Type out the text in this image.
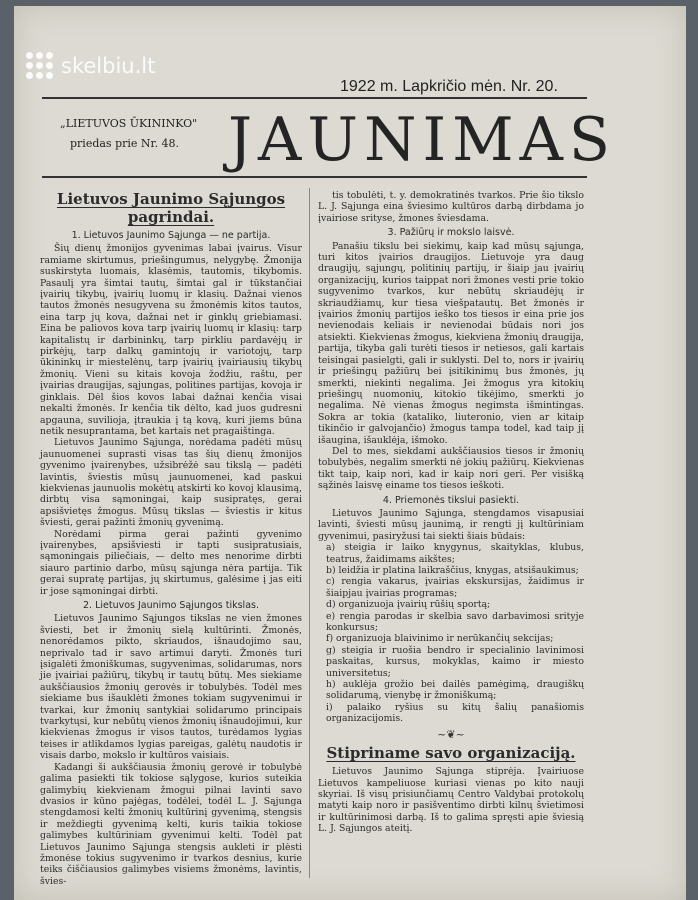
skelbiu.lt
1922 m. Lapkričio mėn. Nr. 20.
„LIETUVOS ŪKININKO"
priedas prie Nr. 48. JAUNIMAS

Lietuvos Jaunimo Sąjungos pagrindai.

1. Lietuvos Jaunimo Sąjunga — ne partija.

Šių dienų žmonijos gyvenimas labai įvairus. Visur ramiame skirtumus, priešingumus, nelygybę. Žmonija suskirstyta luomais, klasėmis, tautomis, tikybomis. Pasaulį yra šimtai tautų, šimtai gal ir tūkstančiai įvairių tikybų, įvairių luomų ir klasių. Dažnai vienos tautos žmonės nesugyvena su žmonėmis kitos tautos, eina tarp jų kova, dažnai net ir ginklų griebiamasi. Eina be paliovos kova tarp įvairių luomų ir klasių: tarp kapitalistų ir darbininkų, tarp pirkliu pardavėjų ir pirkėjų, tarp dalkų gamintojų ir variotojų, tarp ūkininkų ir miestelėnų, tarp įvairių įvairiausių tikybų žmonių. Vieni su kitais kovoja žodžiu, raštu, per įvairias draugijas, sąjungas, politines partijas, kovoja ir ginklais. Dėl šios kovos labai dažnai kenčia visai nekalti žmonės. Ir kenčia tik dėlto, kad juos gudresni apgauna, suvilioja, įtraukia į tą kovą, kuri jiems būna netik nesuprantama, bet kartais net pragaištinga.

Lietuvos Jaunimo Sąjunga, norėdama padėti mūsų jaunuomenei suprasti visas tas šių dienų žmonijos gyvenimo įvairenybes, užsibrėžė sau tikslą — padėti lavintis, šviestis mūsų jaunuomenei, kad paskui kiekvienas jaunuolis mokėtų atskirti ko kovoj klausimą, dirbtų visa sąmoningai, kaip susipratęs, gerai apsišvietęs žmogus. Mūsų tikslas — šviestis ir kitus šviesti, gerai pažinti žmonių gyvenimą.

Norėdami pirma gerai pažinti gyvenimo įvairenybes, apsišviesti ir tapti susipratusiais, sąmoningais piliečiais, — delto mes nenorime dirbti siauro partinio darbo, mūsų sąjunga nėra partija. Tik gerai supratę partijas, jų skirtumus, galėsime į jas eiti ir jose sąmoningai dirbti.

2. Lietuvos Jaunimo Sąjungos tikslas.

Lietuvos Jaunimo Sąjungos tikslas ne vien žmones šviesti, bet ir žmonių sielą kultūrinti. Žmonės, nenorėdamos pikto, skriaudos, išnaudojimo sau, neprivalo tad ir savo artimui daryti. Žmonės turi įsigalėti žmoniškumas, sugyvenimas, solidarumas, nors jie įvairiai pažiūrų, tikybų ir tautų būtų. Mes siekiame aukščiausios žmonių gerovės ir tobulybės. Todėl mes siekiame bus išauklėti žmones tokiam sugyvenimui ir tvarkai, kur žmonių santykiai solidarumo principais tvarkytųsi, kur nebūtų vienos žmonių išnaudojimui, kur kiekvienas žmogus ir visos tautos, turėdamos lygias teises ir atlikdamos lygias pareigas, galėtų naudotis ir visais darbo, mokslo ir kultūros vaisiais.

Kadangi ši aukščiausia žmonių gerovė ir tobulybė galima pasiekti tik tokiose sąlygose, kurios suteikia galimybių kiekvienam žmogui pilnai lavinti savo dvasios ir kūno pajėgas, todėlei, todėl L. J. Sąjunga stengdamosi kelti žmonių kultūrinį gyvenimą, stengsis ir meždiegti gyvenimą kelti, kuris taikia tokiose galimybes kultūriniam gyvenimui kelti. Todėl pat Lietuvos Jaunimo Sąjunga stengsis aukleti ir plėsti žmonėse tokius sugyvenimo ir tvarkos desnius, kurie teiks čiščiausios galimybes visiems žmonėms, lavintis, švies-

tis tobulėti, t. y. demokratinės tvarkos. Prie šio tikslo L. J. Sąjunga eina šviesimo kultūros darbą dirbdama jo įvairiose srityse, žmones šviesdama.

3. Pažiūrų ir mokslo laisvė.

Panašiu tikslu bei siekimų, kaip kad mūsų sąjunga, turi kitos įvairios draugijos. Lietuvoje yra daug draugijų, sąjungų, politinių partijų, ir šiaip jau įvairių organizacijų, kurios taippat nori žmones vesti prie tokio sugyvenimo tvarkos, kur nebūtų skriaudėjų ir skriaudžiamų, kur tiesa viešpatautų. Bet žmonės ir įvairios žmonių partijos ieško tos tiesos ir eina prie jos nevienodais keliais ir nevienodai būdais nori jos atsiekti. Kiekvienas žmogus, kiekviena žmonių draugija, partija, tikyba gali turėti tiesos ir netiesos, gali kartais teisingai pasielgti, gali ir suklysti. Del to, nors ir įvairių ir priešingų pažiūrų bei įsitikinimų bus žmonės, jų smerkti, niekinti negalima. Jei žmogus yra kitokių priešingų nuomonių, kitokio tikėjimo, smerkti jo negalima. Nė vienas žmogus negimsta išmintingas. Sokra ar tokia (kataliko, liuteronio, vien ar kitaip tikinčio ir galvojančio) žmogus tampa todel, kad taip jį išaugina, išauklėja, išmoko.

Del to mes, siekdami aukščiausios tiesos ir žmonių tobulybės, negalim smerkti nė jokių pažiūrų. Kiekvienas tikt taip, kaip nori, kad ir kaip nori geri. Per visišką sąžinės laisvę einame tos tiesos ieškoti.

4. Priemonės tikslui pasiekti.

Lietuvos Jaunimo Sąjunga, stengdamos visapusiai lavinti, šviesti mūsų jaunimą, ir rengti jį kultūriniam gyvenimui, pasiryžusi tai siekti šiais būdais:

a) steigia ir laiko knygynus, skaityklas, klubus, teatrus, žaidimams aikštes;

b) leidžia ir platina laikraščius, knygas, atsišaukimus;

c) rengia vakarus, įvairias ekskursijas, žaidimus ir šiaipjau įvairias programas;

d) organizuoja įvairių rūšių sportą;

e) rengia parodas ir skelbia savo darbavimosi srityje konkursus;

f) organizuoja blaivinimo ir nerūkančių sekcijas;

g) steigia ir ruošia bendro ir specialinio lavinimosi paskaitas, kursus, mokyklas, kaimo ir miesto universitetus;

h) auklėja grožio bei dailės pamėgimą, draugiškų solidarumą, vienybę ir žmoniškumą;

i) palaiko ryšius su kitų šalių panašiomis organizacijomis.

~❦~

Stipriname savo organizaciją.

Lietuvos Jaunimo Sąjunga stiprėja. Įvairiuose Lietuvos kampeliuose kuriasi vienas po kito nauji skyriai. Iš visų prisiunčiamų Centro Valdybai protokolų matyti kaip noro ir pasišventimo dirbti kilnų švietimosi ir kultūrinimosi darbą. Iš to galima spręsti apie šviesią L. J. Sąjungos ateitį.
